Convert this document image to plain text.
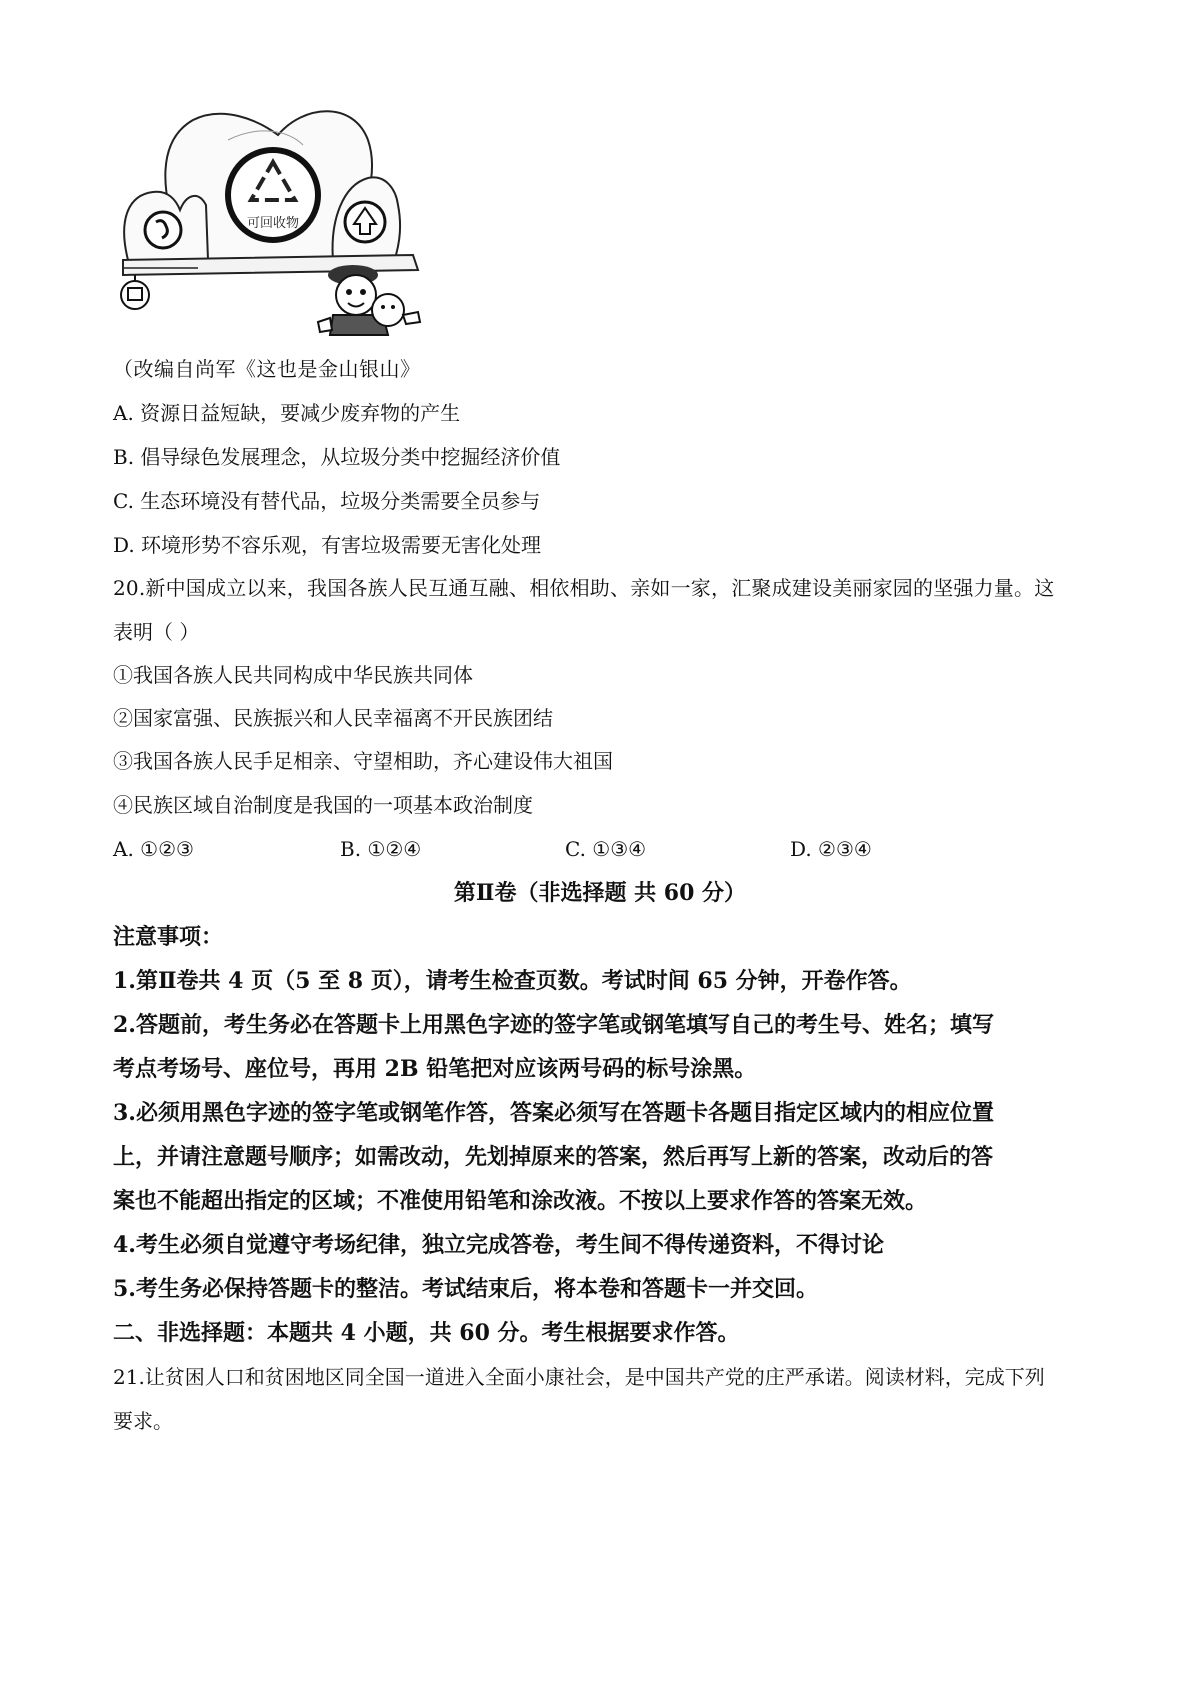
可回收物
（改编自尚军《这也是金山银山》
A. 资源日益短缺，要减少废弃物的产生
B. 倡导绿色发展理念，从垃圾分类中挖掘经济价值
C. 生态环境没有替代品，垃圾分类需要全员参与
D. 环境形势不容乐观，有害垃圾需要无害化处理
20.新中国成立以来，我国各族人民互通互融、相依相助、亲如一家，汇聚成建设美丽家园的坚强力量。这
表明（ ）
①我国各族人民共同构成中华民族共同体
②国家富强、民族振兴和人民幸福离不开民族团结
③我国各族人民手足相亲、守望相助，齐心建设伟大祖国
④民族区域自治制度是我国的一项基本政治制度
A. ①②③	B. ①②④	C. ①③④	D. ②③④
第Ⅱ卷（非选择题 共 60 分）
注意事项：
1.第Ⅱ卷共 4 页（5 至 8 页），请考生检查页数。考试时间 65 分钟，开卷作答。
2.答题前，考生务必在答题卡上用黑色字迹的签字笔或钢笔填写自己的考生号、姓名；填写
考点考场号、座位号，再用 2B 铅笔把对应该两号码的标号涂黑。
3.必须用黑色字迹的签字笔或钢笔作答，答案必须写在答题卡各题目指定区域内的相应位置
上，并请注意题号顺序；如需改动，先划掉原来的答案，然后再写上新的答案，改动后的答
案也不能超出指定的区域；不准使用铅笔和涂改液。不按以上要求作答的答案无效。
4.考生必须自觉遵守考场纪律，独立完成答卷，考生间不得传递资料，不得讨论
5.考生务必保持答题卡的整洁。考试结束后，将本卷和答题卡一并交回。
二、非选择题：本题共 4 小题，共 60 分。考生根据要求作答。
21.让贫困人口和贫困地区同全国一道进入全面小康社会，是中国共产党的庄严承诺。阅读材料，完成下列
要求。
